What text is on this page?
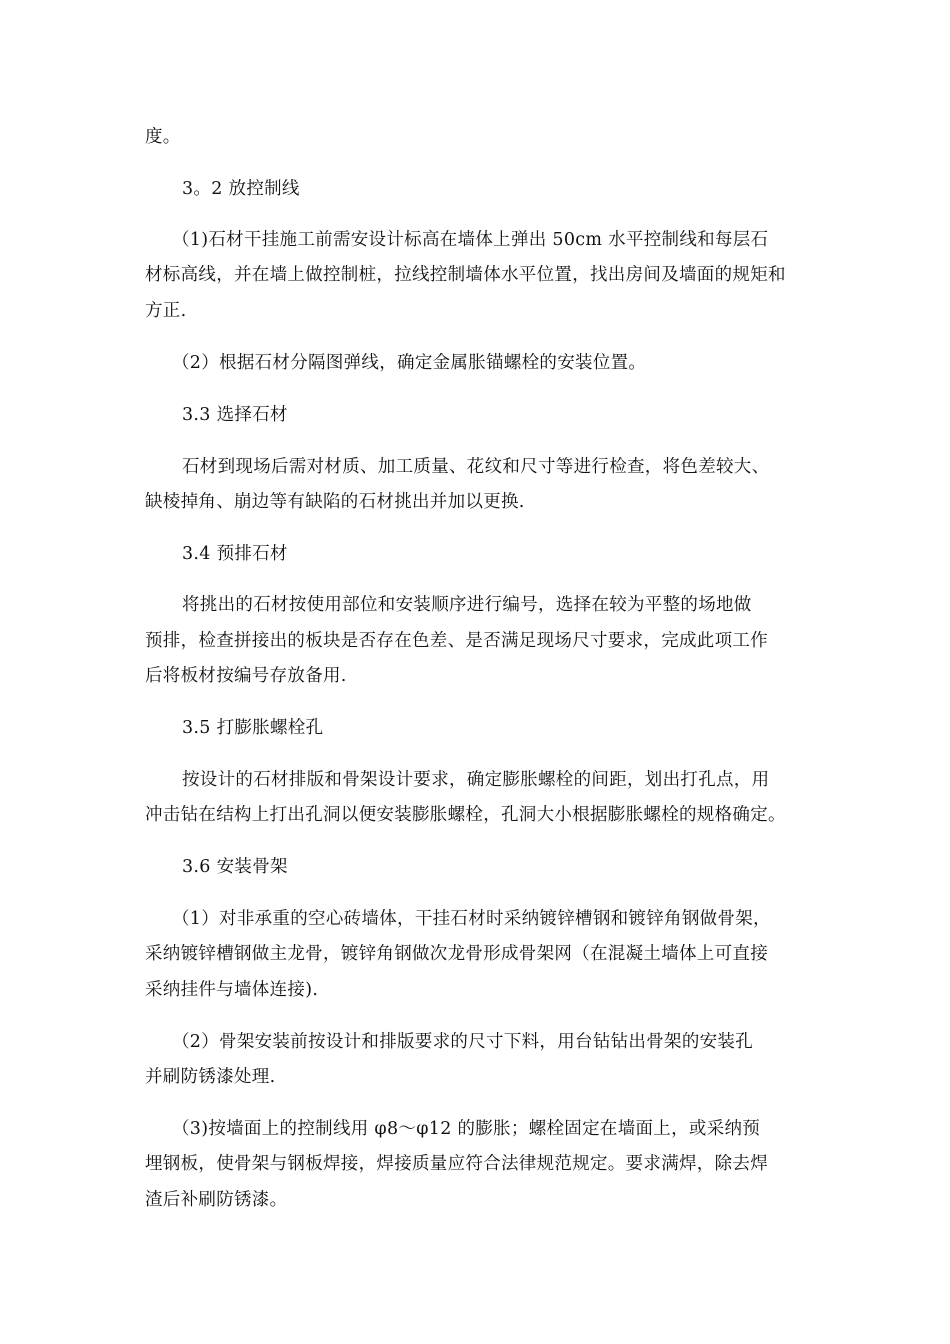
度。
3。2 放控制线
（1)石材干挂施工前需安设计标高在墙体上弹出 50cm 水平控制线和每层石
材标高线，并在墙上做控制桩，拉线控制墙体水平位置，找出房间及墙面的规矩和
方正.
（2）根据石材分隔图弹线，确定金属胀锚螺栓的安装位置。
3.3 选择石材
石材到现场后需对材质、加工质量、花纹和尺寸等进行检查，将色差较大、
缺棱掉角、崩边等有缺陷的石材挑出并加以更换.
3.4 预排石材
将挑出的石材按使用部位和安装顺序进行编号，选择在较为平整的场地做
预排，检查拼接出的板块是否存在色差、是否满足现场尺寸要求，完成此项工作
后将板材按编号存放备用.
3.5 打膨胀螺栓孔
按设计的石材排版和骨架设计要求，确定膨胀螺栓的间距，划出打孔点，用
冲击钻在结构上打出孔洞以便安装膨胀螺栓，孔洞大小根据膨胀螺栓的规格确定。
3.6 安装骨架
（1）对非承重的空心砖墙体，干挂石材时采纳镀锌槽钢和镀锌角钢做骨架，
采纳镀锌槽钢做主龙骨，镀锌角钢做次龙骨形成骨架网（在混凝土墙体上可直接
采纳挂件与墙体连接).
（2）骨架安装前按设计和排版要求的尺寸下料，用台钻钻出骨架的安装孔
并刷防锈漆处理.
（3)按墙面上的控制线用 φ8～φ12 的膨胀；螺栓固定在墙面上，或采纳预
埋钢板，使骨架与钢板焊接，焊接质量应符合法律规范规定。要求满焊，除去焊
渣后补刷防锈漆。
